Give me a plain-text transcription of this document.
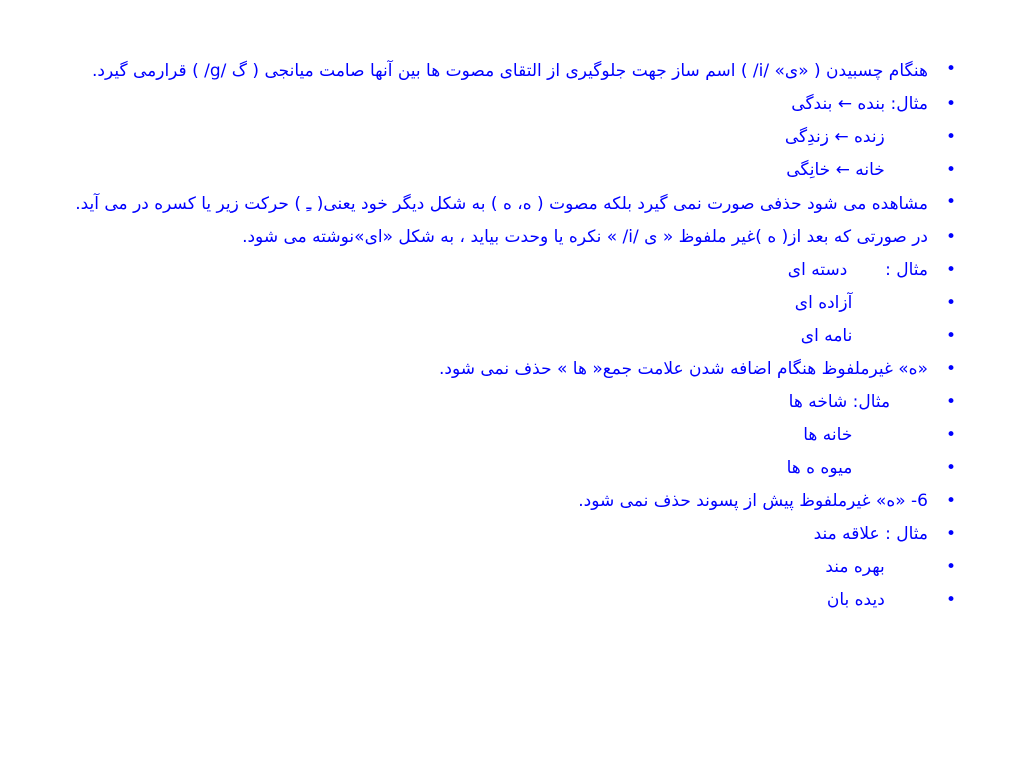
•
هنگام چسبیدن ( «ی» /i/ ) اسم ساز جهت جلوگیری از التقای مصوت ها بین آنها صامت میانجی ( گ /g/ ) قرارمی گیرد.
•
مثال: بنده ← بندگی
•
زنده ← زندِگی
•
خانه ← خانِگی
•
مشاهده می شود حذفی صورت نمی گیرد بلکه مصوت ( ه، ه ) به شکل دیگر خود یعنی( ـِ ) حرکت زیر یا کسره در می آید.
•
در صورتی که بعد از( ه )غیر ملفوظ « ی /i/ » نکره یا وحدت بیاید ، به شکل «ای»نوشته می شود.
•
مثال :       دسته ای
•
آزاده ای
•
نامه ای
•
«ه» غیرملفوظ هنگام اضافه شدن علامت جمع« ها » حذف نمی شود.
•
مثال: شاخه ها
•
خانه ها
•
میوه ه ها
•
6- «ه» غیرملفوظ پیش از پسوند حذف نمی شود.
•
مثال : علاقه مند
•
بهره مند
•
دیده بان
